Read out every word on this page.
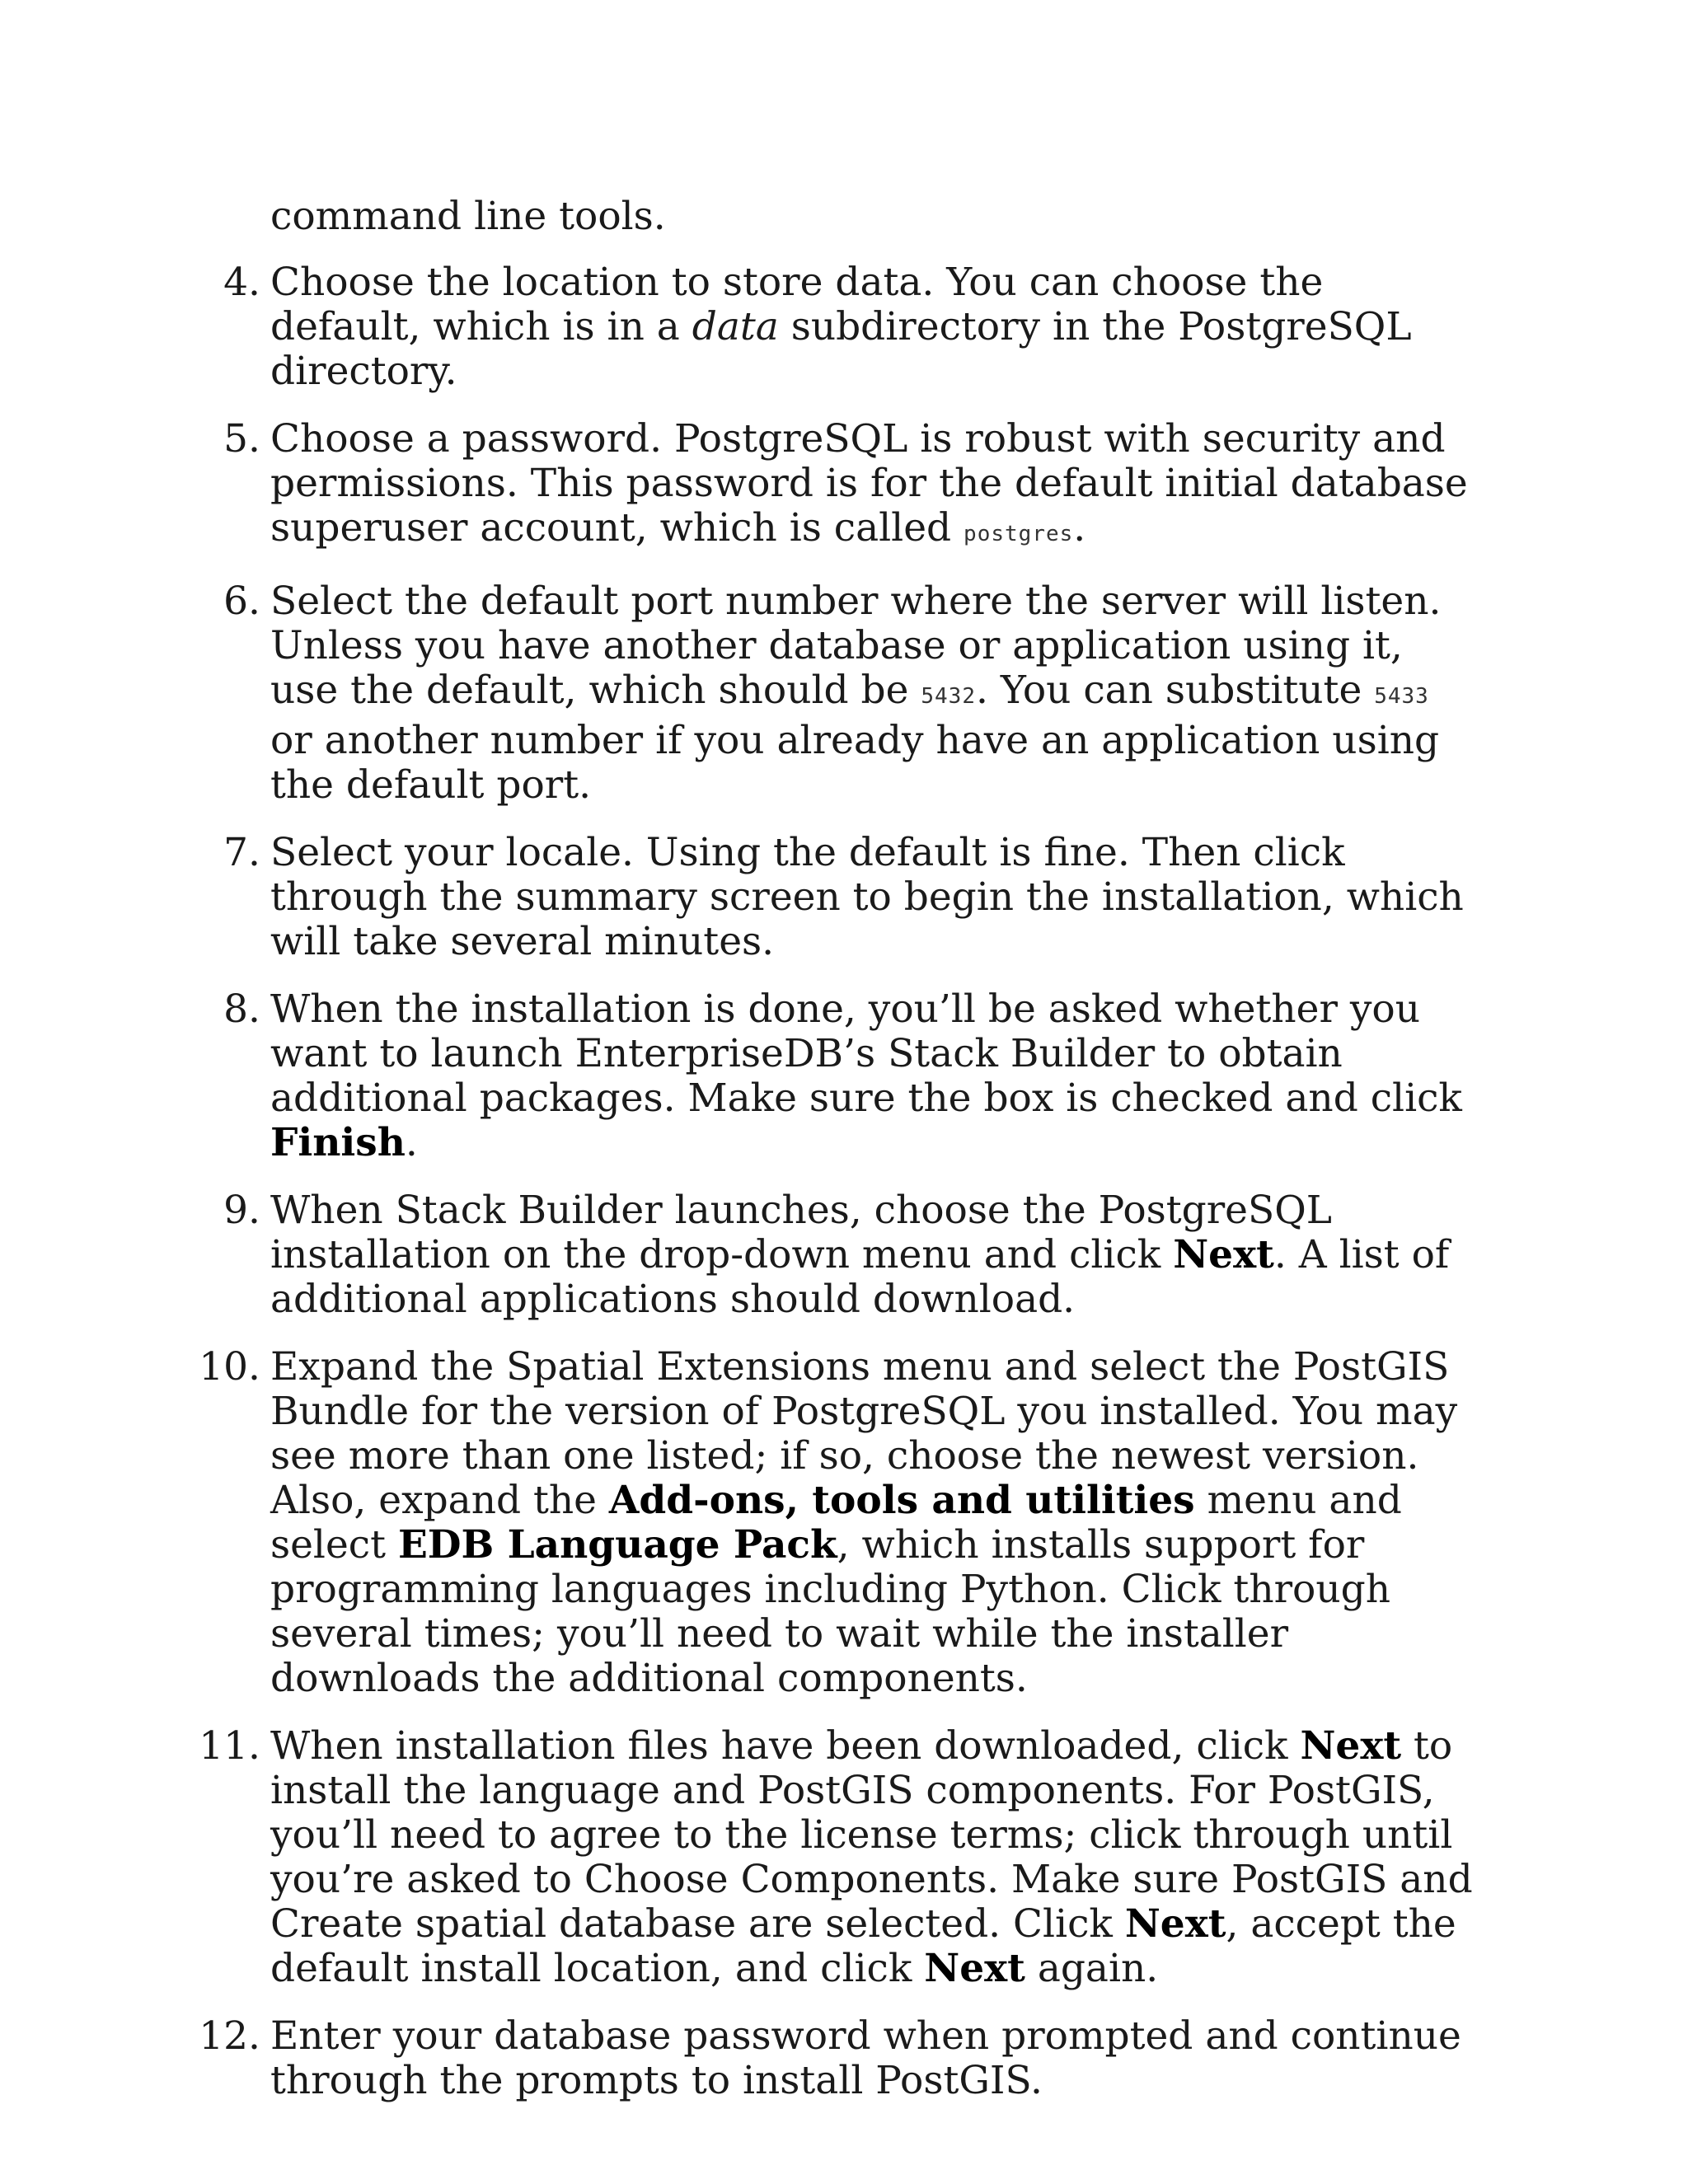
command line tools.

4. Choose the location to store data. You can choose the default, which is in a data subdirectory in the PostgreSQL directory.
5. Choose a password. PostgreSQL is robust with security and permissions. This password is for the default initial database superuser account, which is called postgres.
6. Select the default port number where the server will listen. Unless you have another database or application using it, use the default, which should be 5432. You can substitute 5433 or another number if you already have an application using the default port.
7. Select your locale. Using the default is fine. Then click through the summary screen to begin the installation, which will take several minutes.
8. When the installation is done, you’ll be asked whether you want to launch EnterpriseDB’s Stack Builder to obtain additional packages. Make sure the box is checked and click Finish.
9. When Stack Builder launches, choose the PostgreSQL installation on the drop-down menu and click Next. A list of additional applications should download.
10. Expand the Spatial Extensions menu and select the PostGIS Bundle for the version of PostgreSQL you installed. You may see more than one listed; if so, choose the newest version. Also, expand the Add-ons, tools and utilities menu and select EDB Language Pack, which installs support for programming languages including Python. Click through several times; you’ll need to wait while the installer downloads the additional components.
11. When installation files have been downloaded, click Next to install the language and PostGIS components. For PostGIS, you’ll need to agree to the license terms; click through until you’re asked to Choose Components. Make sure PostGIS and Create spatial database are selected. Click Next, accept the default install location, and click Next again.
12. Enter your database password when prompted and continue through the prompts to install PostGIS.
